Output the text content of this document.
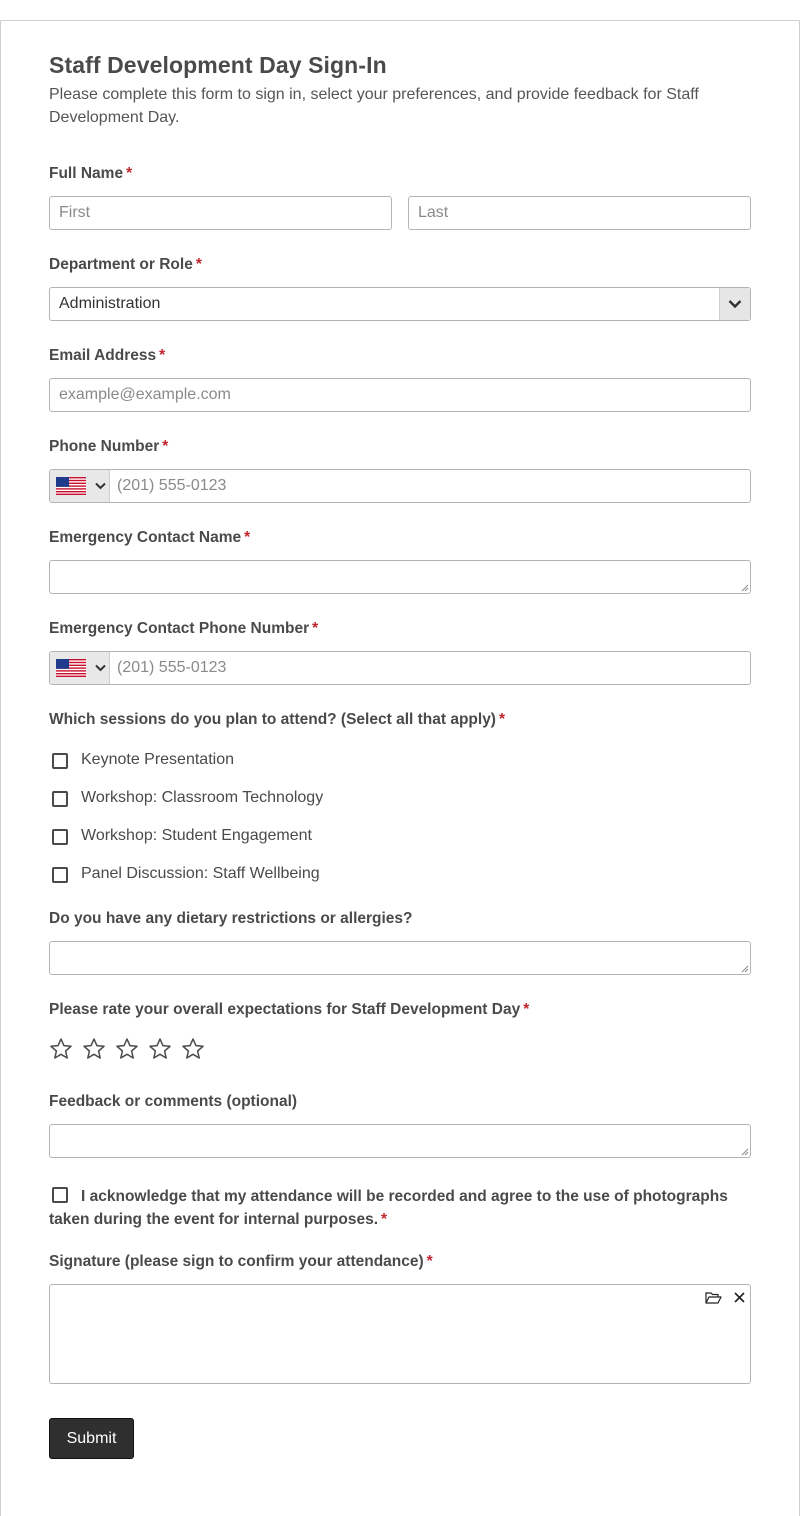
Staff Development Day Sign-In
Please complete this form to sign in, select your preferences, and provide feedback for Staff Development Day.
Full Name *
First	Last
Department or Role *
Administration
Email Address *
example@example.com
Phone Number *
(201) 555-0123
Emergency Contact Name *
Emergency Contact Phone Number *
(201) 555-0123
Which sessions do you plan to attend? (Select all that apply) *
Keynote Presentation
Workshop: Classroom Technology
Workshop: Student Engagement
Panel Discussion: Staff Wellbeing
Do you have any dietary restrictions or allergies?
Please rate your overall expectations for Staff Development Day *
Feedback or comments (optional)
I acknowledge that my attendance will be recorded and agree to the use of photographs
taken during the event for internal purposes. *
Signature (please sign to confirm your attendance) *
Submit
